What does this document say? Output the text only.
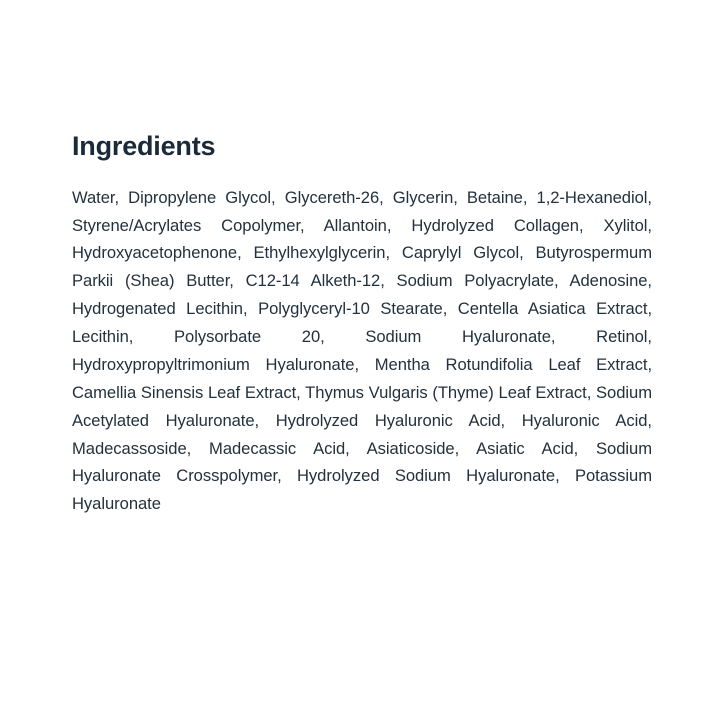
Ingredients

Water, Dipropylene Glycol, Glycereth-26, Glycerin, Betaine, 1,2-Hexanediol, Styrene/Acrylates Copolymer, Allantoin, Hydrolyzed Collagen, Xylitol, Hydroxyacetophenone, Ethylhexylglycerin, Caprylyl Glycol, Butyrospermum Parkii (Shea) Butter, C12-14 Alketh-12, Sodium Polyacrylate, Adenosine, Hydrogenated Lecithin, Polyglyceryl-10 Stearate, Centella Asiatica Extract, Lecithin, Polysorbate 20, Sodium Hyaluronate, Retinol, Hydroxypropyltrimonium Hyaluronate, Mentha Rotundifolia Leaf Extract, Camellia Sinensis Leaf Extract, Thymus Vulgaris (Thyme) Leaf Extract, Sodium Acetylated Hyaluronate, Hydrolyzed Hyaluronic Acid, Hyaluronic Acid, Madecassoside, Madecassic Acid, Asiaticoside, Asiatic Acid, Sodium Hyaluronate Crosspolymer, Hydrolyzed Sodium Hyaluronate, Potassium Hyaluronate
